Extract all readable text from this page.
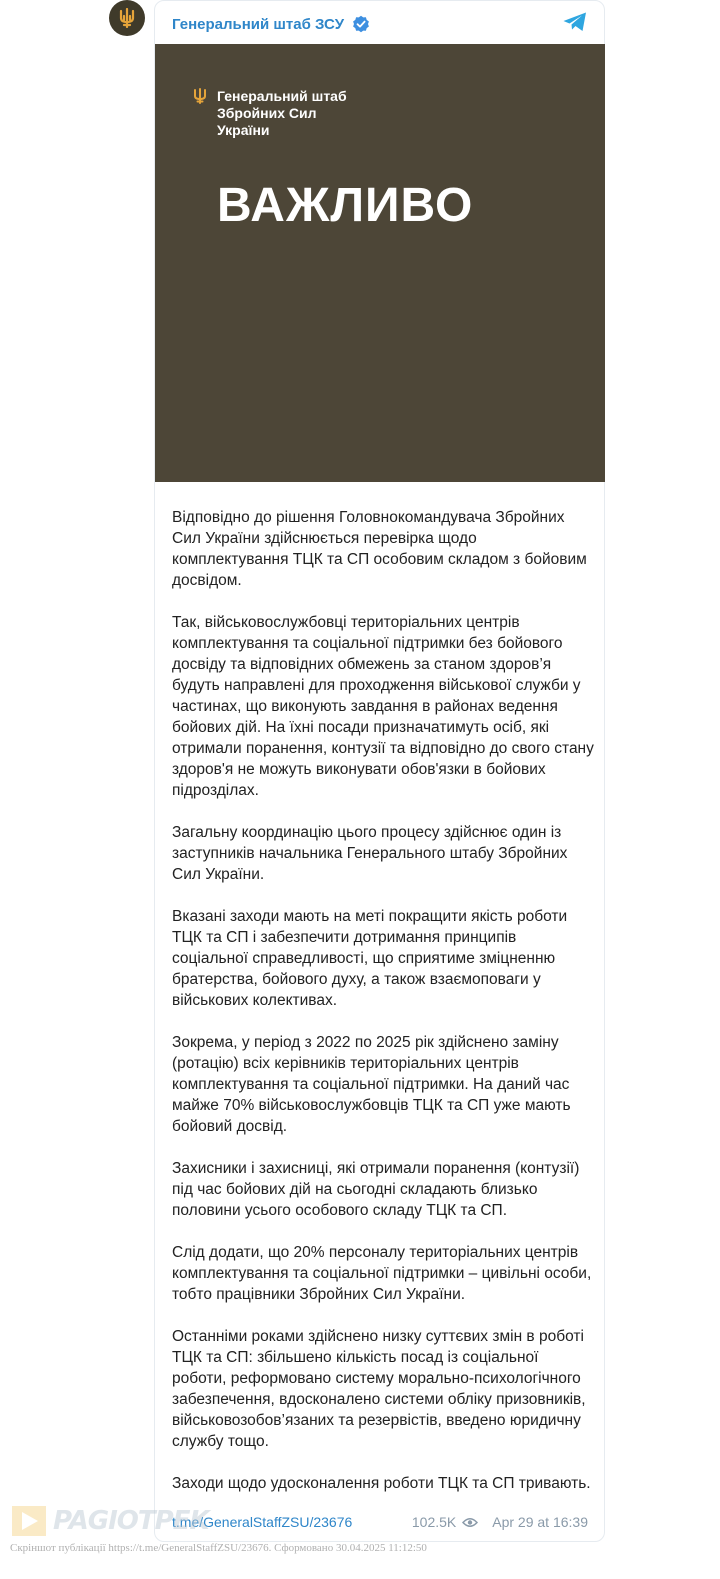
Генеральний штаб ЗСУ
Генеральний штаб
Збройних Сил
України
ВАЖЛИВО

Відповідно до рішення Головнокомандувача Збройних Сил України здійснюється перевірка щодо комплектування ТЦК та СП особовим складом з бойовим досвідом.

Так, військовослужбовці територіальних центрів комплектування та соціальної підтримки без бойового досвіду та відповідних обмежень за станом здоров’я будуть направлені для проходження військової служби у частинах, що виконують завдання в районах ведення бойових дій. На їхні посади призначатимуть осіб, які отримали поранення, контузії та відповідно до свого стану здоров'я не можуть виконувати обов'язки в бойових підрозділах.

Загальну координацію цього процесу здійснює один із заступників начальника Генерального штабу Збройних Сил України.

Вказані заходи мають на меті покращити якість роботи ТЦК та СП і забезпечити дотримання принципів соціальної справедливості, що сприятиме зміцненню братерства, бойового духу, а також взаємоповаги у військових колективах.

Зокрема, у період з 2022 по 2025 рік здійснено заміну (ротацію) всіх керівників територіальних центрів комплектування та соціальної підтримки. На даний час майже 70% військовослужбовців ТЦК та СП уже мають бойовий досвід.

Захисники і захисниці, які отримали поранення (контузії) під час бойових дій на сьогодні складають близько половини усього особового складу ТЦК та СП.

Слід додати, що 20% персоналу територіальних центрів комплектування та соціальної підтримки – цивільні особи, тобто працівники Збройних Сил України.

Останніми роками здійснено низку суттєвих змін в роботі ТЦК та СП: збільшено кількість посад із соціальної роботи, реформовано систему морально-психологічного забезпечення, вдосконалено системи обліку призовників, військовозобов’язаних та резервістів, введено юридичну службу тощо.

Заходи щодо удосконалення роботи ТЦК та СП тривають.

t.me/GeneralStaffZSU/23676	102.5K	Apr 29 at 16:39
PAGIOTPEK
Скріншот публікації https://t.me/GeneralStaffZSU/23676. Сформовано 30.04.2025 11:12:50
